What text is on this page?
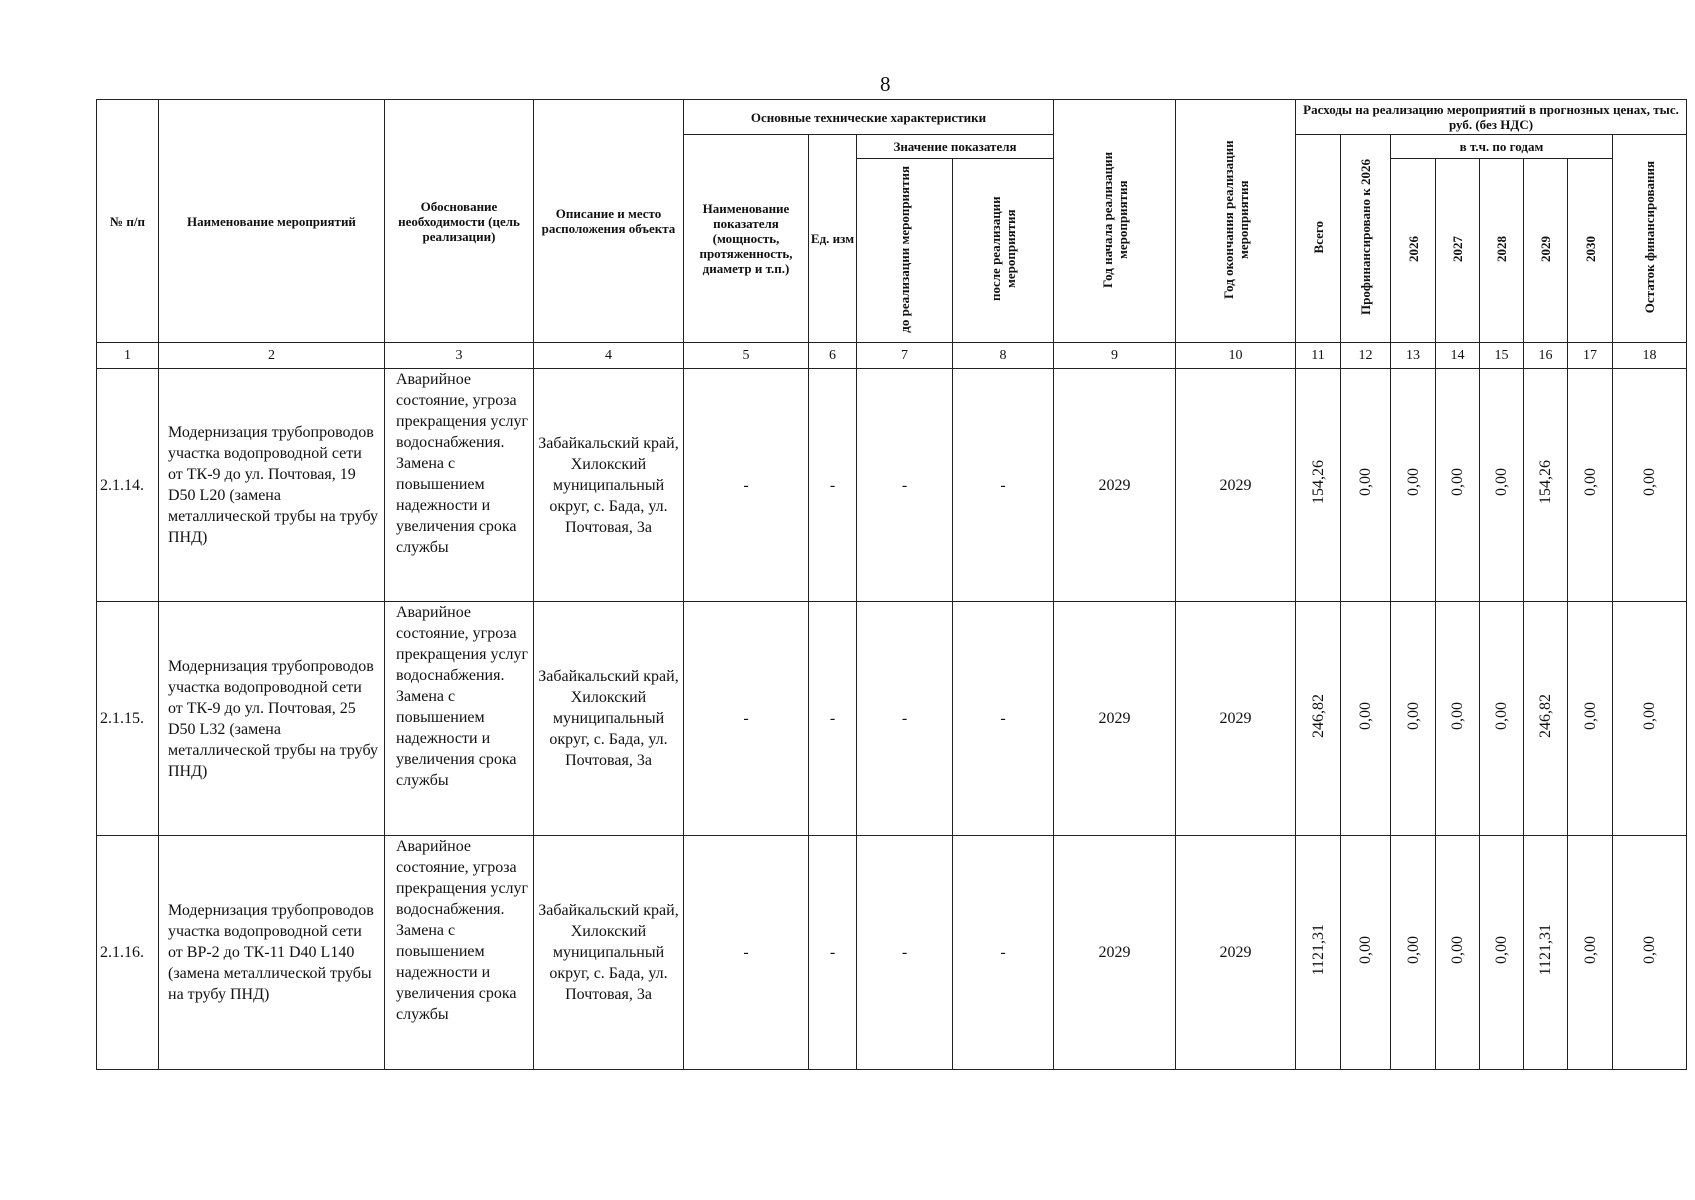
8
№ п/п	Наименование мероприятий	Обоснование необходимости (цель реализации)	Описание и место расположения объекта	Основные технические характеристики				Год начала реализации мероприятия	Год окончания реализации мероприятия	Расходы на реализацию мероприятий в прогнозных ценах, тыс. руб. (без НДС)							
				Наименование показателя (мощность, протяженность, диаметр и т.п.)	Ед. изм	Значение показателя				Всего	Профинансировано к 2026	в т.ч. по годам					Остаток финансирования
						до реализации мероприятия	после реализации мероприятия					2026	2027	2028	2029	2030	
1	2	3	4	5	6	7	8	9	10	11	12	13	14	15	16	17	18
2.1.14.	Модернизация трубопроводов участка водопроводной сети от ТК-9 до ул. Почтовая, 19 D50 L20 (замена металлической трубы на трубу ПНД)	Аварийное состояние, угроза прекращения услуг водоснабжения. Замена с повышением надежности и увеличения срока службы	Забайкальский край, Хилокский муниципальный округ, с. Бада, ул. Почтовая, 3а	-	-	-	-	2029	2029	154,26	0,00	0,00	0,00	0,00	154,26	0,00	0,00
2.1.15.	Модернизация трубопроводов участка водопроводной сети от ТК-9 до ул. Почтовая, 25 D50 L32 (замена металлической трубы на трубу ПНД)	Аварийное состояние, угроза прекращения услуг водоснабжения. Замена с повышением надежности и увеличения срока службы	Забайкальский край, Хилокский муниципальный округ, с. Бада, ул. Почтовая, 3а	-	-	-	-	2029	2029	246,82	0,00	0,00	0,00	0,00	246,82	0,00	0,00
2.1.16.	Модернизация трубопроводов участка водопроводной сети от ВР-2 до ТК-11 D40 L140 (замена металлической трубы на трубу ПНД)	Аварийное состояние, угроза прекращения услуг водоснабжения. Замена с повышением надежности и увеличения срока службы	Забайкальский край, Хилокский муниципальный округ, с. Бада, ул. Почтовая, 3а	-	-	-	-	2029	2029	1121,31	0,00	0,00	0,00	0,00	1121,31	0,00	0,00
